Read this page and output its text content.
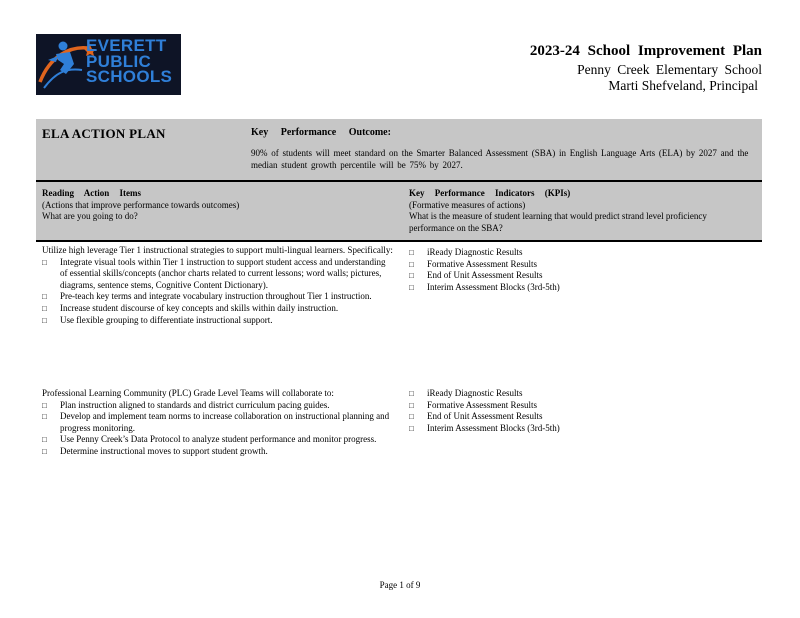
EVERETT
PUBLIC
SCHOOLS
2023-24 School Improvement Plan
Penny Creek Elementary School
Marti Shefveland, Principal
ELA ACTION PLAN	Key Performance Outcome:
90% of students will meet standard on the Smarter Balanced Assessment (SBA) in English Language Arts (ELA) by 2027 and the median student growth percentile will be 75% by 2027.
Reading Action Items
(Actions that improve performance towards outcomes)
What are you going to do?
Key Performance Indicators (KPIs)
(Formative measures of actions)
What is the measure of student learning that would predict strand level proficiency performance on the SBA?

Utilize high leverage Tier 1 instructional strategies to support multi-lingual learners. Specifically:

□ Integrate visual tools within Tier 1 instruction to support student access and understanding of essential skills/concepts (anchor charts related to current lessons; word walls; pictures, diagrams, sentence stems, Cognitive Content Dictionary).
□ Pre-teach key terms and integrate vocabulary instruction throughout Tier 1 instruction.
□ Increase student discourse of key concepts and skills within daily instruction.
□ Use flexible grouping to differentiate instructional support.
□ iReady Diagnostic Results
□ Formative Assessment Results
□ End of Unit Assessment Results
□ Interim Assessment Blocks (3rd-5th)

Professional Learning Community (PLC) Grade Level Teams will collaborate to:

□ Plan instruction aligned to standards and district curriculum pacing guides.
□ Develop and implement team norms to increase collaboration on instructional planning and progress monitoring.
□ Use Penny Creek’s Data Protocol to analyze student performance and monitor progress.
□ Determine instructional moves to support student growth.
□ iReady Diagnostic Results
□ Formative Assessment Results
□ End of Unit Assessment Results
□ Interim Assessment Blocks (3rd-5th)
Page 1 of 9
